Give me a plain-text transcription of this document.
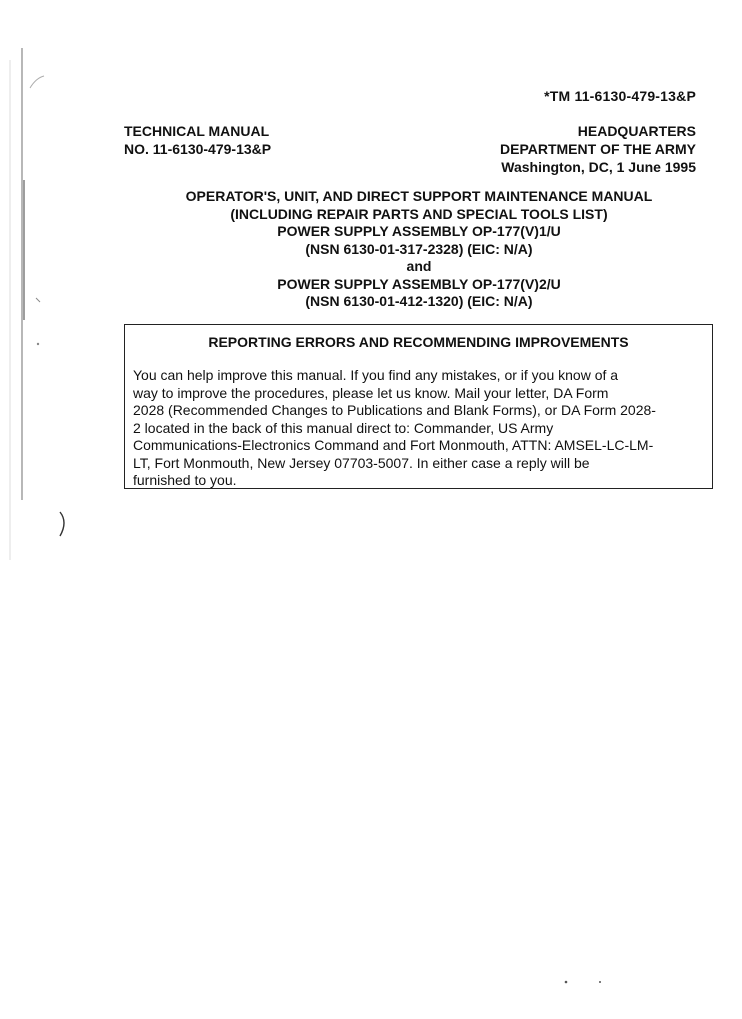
*TM 11-6130-479-13&P
TECHNICAL MANUAL
NO. 11-6130-479-13&P
HEADQUARTERS
DEPARTMENT OF THE ARMY
Washington, DC, 1 June 1995
OPERATOR'S, UNIT, AND DIRECT SUPPORT MAINTENANCE MANUAL
(INCLUDING REPAIR PARTS AND SPECIAL TOOLS LIST)
POWER SUPPLY ASSEMBLY OP-177(V)1/U
(NSN 6130-01-317-2328) (EIC: N/A)
and
POWER SUPPLY ASSEMBLY OP-177(V)2/U
(NSN 6130-01-412-1320) (EIC: N/A)
REPORTING ERRORS AND RECOMMENDING IMPROVEMENTS
You can help improve this manual. If you find any mistakes, or if you know of a
way to improve the procedures, please let us know. Mail your letter, DA Form
2028 (Recommended Changes to Publications and Blank Forms), or DA Form 2028-
2 located in the back of this manual direct to: Commander, US Army
Communications-Electronics Command and Fort Monmouth, ATTN: AMSEL-LC-LM-
LT, Fort Monmouth, New Jersey 07703-5007. In either case a reply will be
furnished to you.
